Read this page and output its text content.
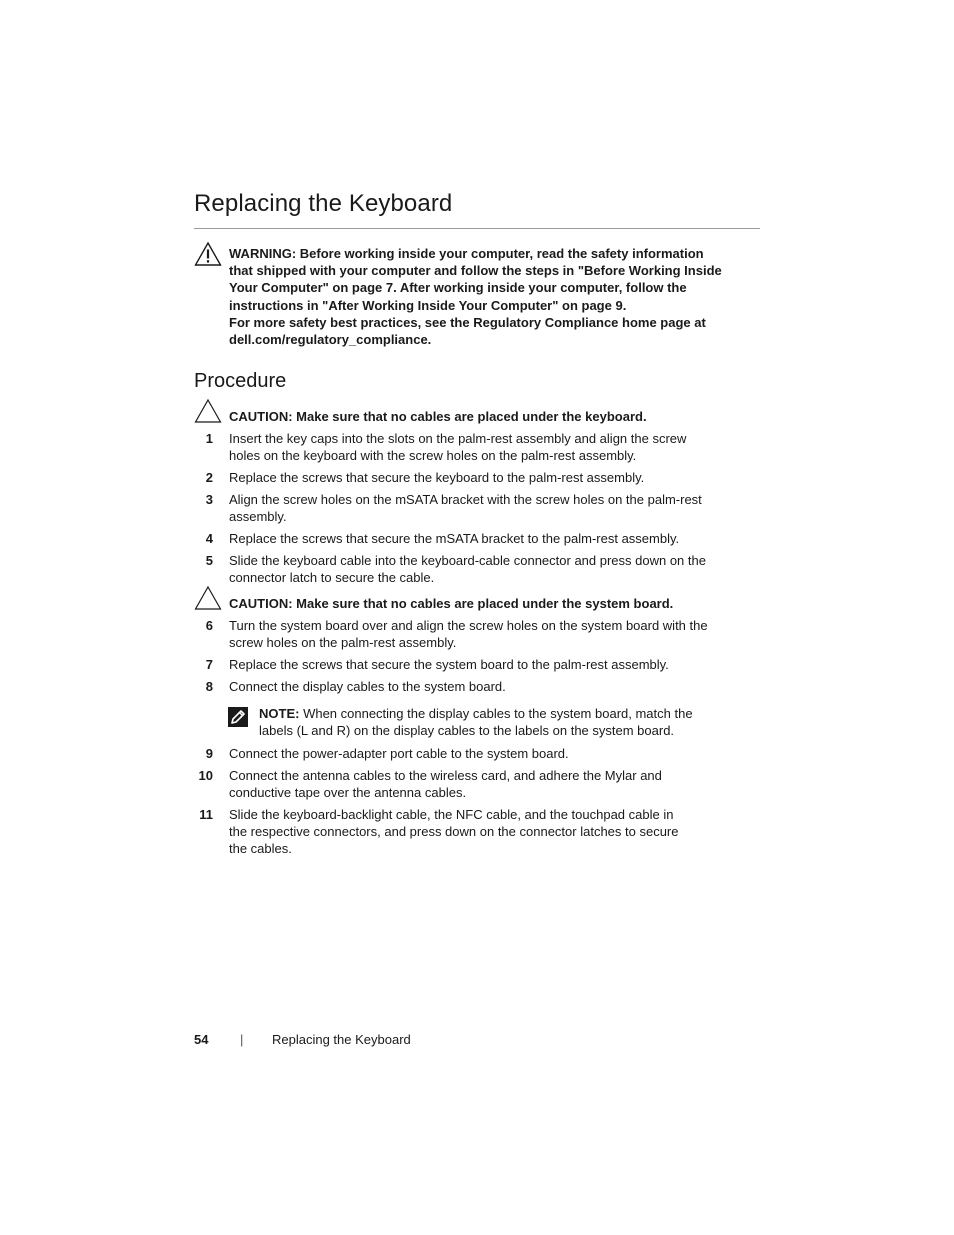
Replacing the Keyboard
WARNING: Before working inside your computer, read the safety information
that shipped with your computer and follow the steps in "Before Working Inside
Your Computer" on page 7. After working inside your computer, follow the
instructions in "After Working Inside Your Computer" on page 9.
For more safety best practices, see the Regulatory Compliance home page at
dell.com/regulatory_compliance.
Procedure
CAUTION: Make sure that no cables are placed under the keyboard.
1 Insert the key caps into the slots on the palm-rest assembly and align the screw
holes on the keyboard with the screw holes on the palm-rest assembly.
2 Replace the screws that secure the keyboard to the palm-rest assembly.
3 Align the screw holes on the mSATA bracket with the screw holes on the palm-rest
assembly.
4 Replace the screws that secure the mSATA bracket to the palm-rest assembly.
5 Slide the keyboard cable into the keyboard-cable connector and press down on the
connector latch to secure the cable.
CAUTION: Make sure that no cables are placed under the system board.
6 Turn the system board over and align the screw holes on the system board with the
screw holes on the palm-rest assembly.
7 Replace the screws that secure the system board to the palm-rest assembly.
8 Connect the display cables to the system board.
NOTE: When connecting the display cables to the system board, match the
labels (L and R) on the display cables to the labels on the system board.
9 Connect the power-adapter port cable to the system board.
10 Connect the antenna cables to the wireless card, and adhere the Mylar and
conductive tape over the antenna cables.
11 Slide the keyboard-backlight cable, the NFC cable, and the touchpad cable in
the respective connectors, and press down on the connector latches to secure
the cables.
54 | Replacing the Keyboard
